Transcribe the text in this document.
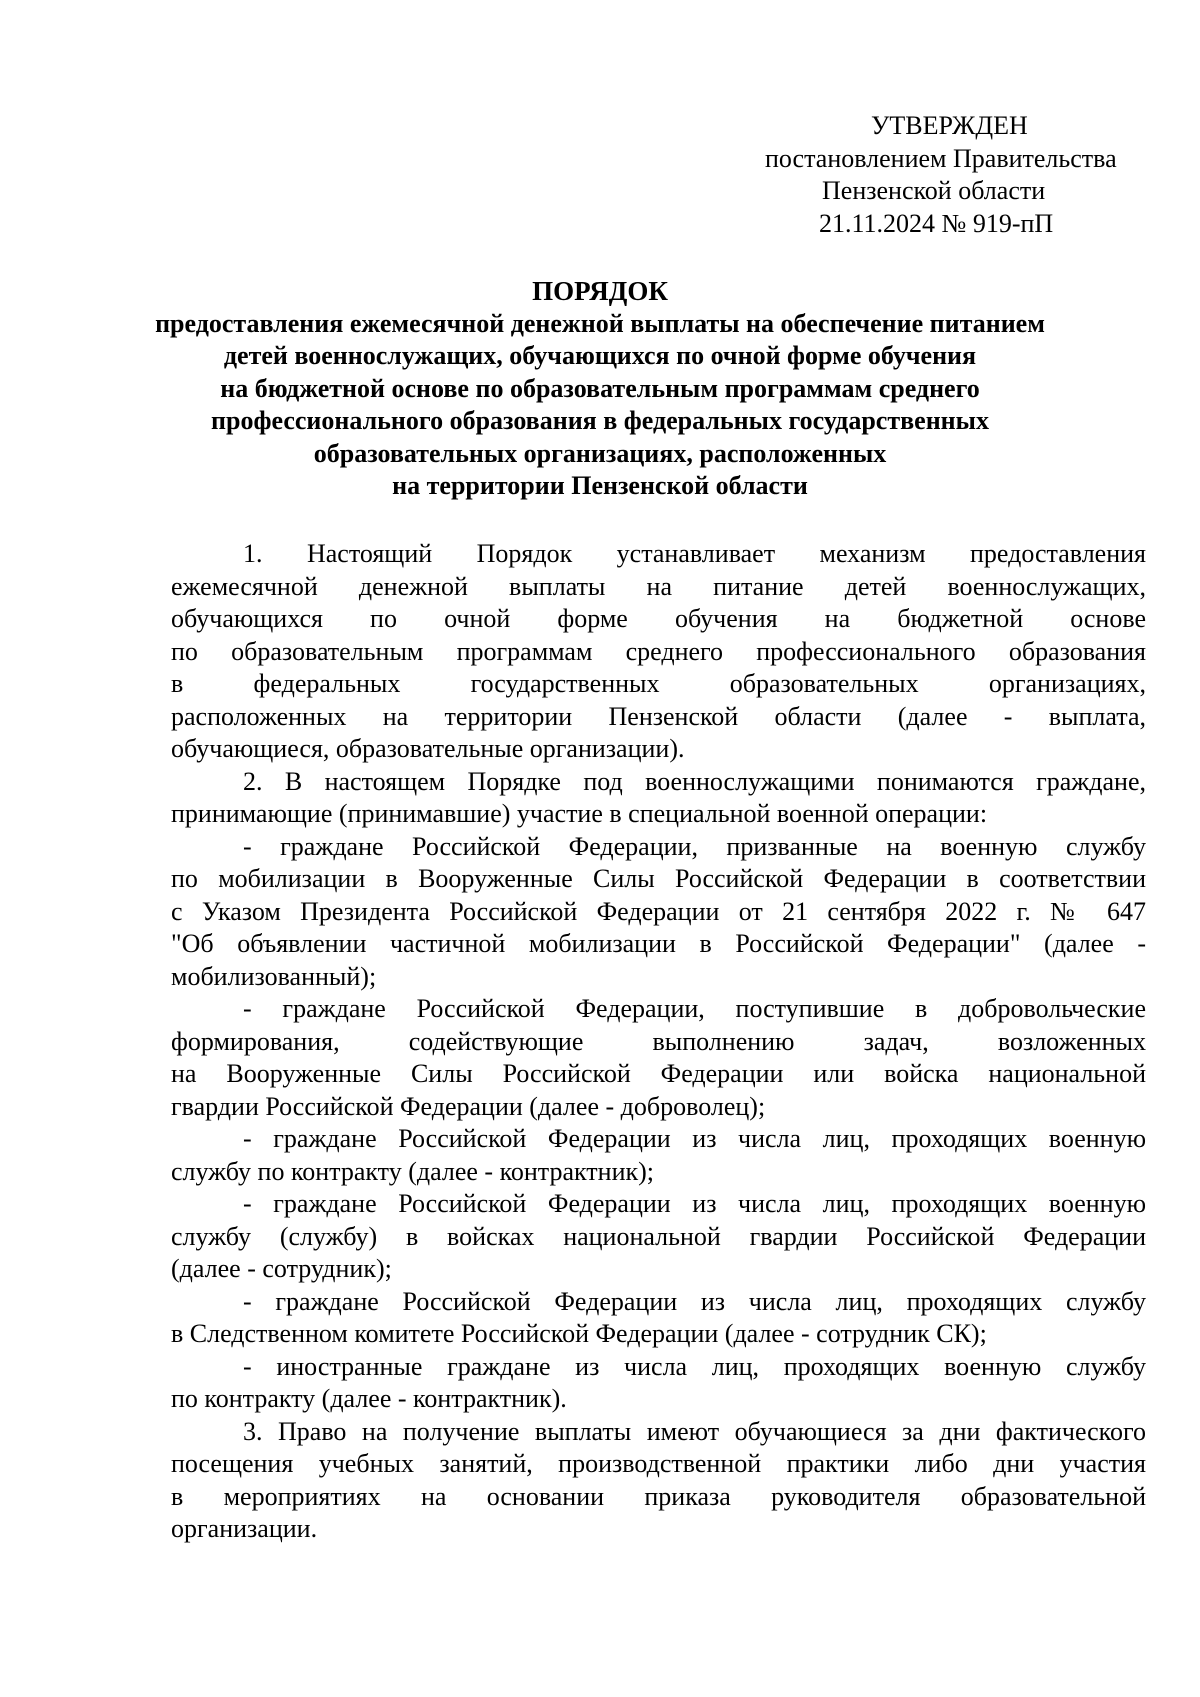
УТВЕРЖДЕН
постановлением Правительства
Пензенской области
21.11.2024 № 919-пП
ПОРЯДОК
предоставления ежемесячной денежной выплаты на обеспечение питанием
детей военнослужащих, обучающихся по очной форме обучения
на бюджетной основе по образовательным программам среднего
профессионального образования в федеральных государственных
образовательных организациях, расположенных
на территории Пензенской области
1. Настоящий Порядок устанавливает механизм предоставления
ежемесячной денежной выплаты на питание детей военнослужащих,
обучающихся по очной форме обучения на бюджетной основе
по образовательным программам среднего профессионального образования
в федеральных государственных образовательных организациях,
расположенных на территории Пензенской области (далее - выплата,
обучающиеся, образовательные организации).
2. В настоящем Порядке под военнослужащими понимаются граждане,
принимающие (принимавшие) участие в специальной военной операции:
- граждане Российской Федерации, призванные на военную службу
по мобилизации в Вооруженные Силы Российской Федерации в соответствии
с Указом Президента Российской Федерации от 21 сентября 2022 г. № 647
"Об объявлении частичной мобилизации в Российской Федерации" (далее -
мобилизованный);
- граждане Российской Федерации, поступившие в добровольческие
формирования, содействующие выполнению задач, возложенных
на Вооруженные Силы Российской Федерации или войска национальной
гвардии Российской Федерации (далее - доброволец);
- граждане Российской Федерации из числа лиц, проходящих военную
службу по контракту (далее - контрактник);
- граждане Российской Федерации из числа лиц, проходящих военную
службу (службу) в войсках национальной гвардии Российской Федерации
(далее - сотрудник);
- граждане Российской Федерации из числа лиц, проходящих службу
в Следственном комитете Российской Федерации (далее - сотрудник СК);
- иностранные граждане из числа лиц, проходящих военную службу
по контракту (далее - контрактник).
3. Право на получение выплаты имеют обучающиеся за дни фактического
посещения учебных занятий, производственной практики либо дни участия
в мероприятиях на основании приказа руководителя образовательной
организации.
